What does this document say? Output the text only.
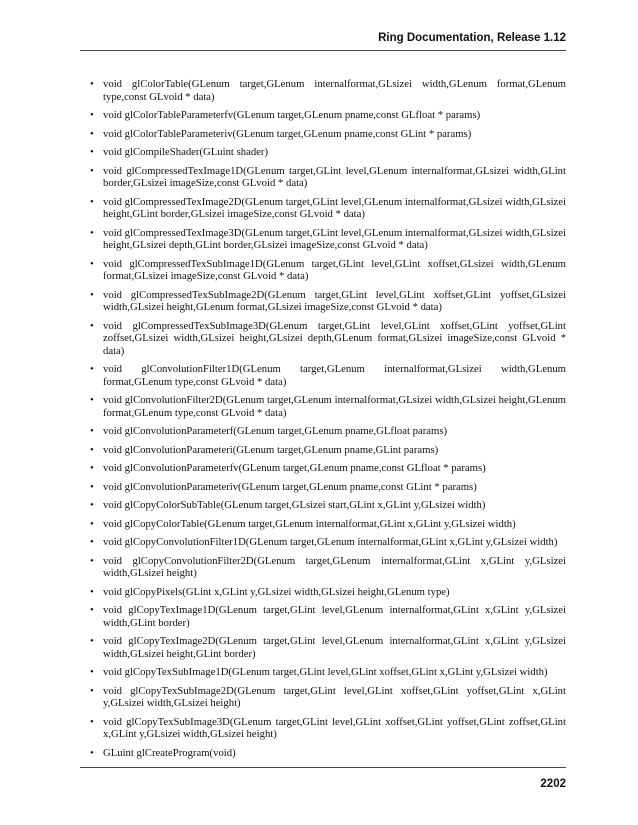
Ring Documentation, Release 1.12
• void glColorTable(GLenum target,GLenum internalformat,GLsizei width,GLenum format,GLenum type,const GLvoid * data)
• void glColorTableParameterfv(GLenum target,GLenum pname,const GLfloat * params)
• void glColorTableParameteriv(GLenum target,GLenum pname,const GLint * params)
• void glCompileShader(GLuint shader)
• void glCompressedTexImage1D(GLenum target,GLint level,GLenum internalformat,GLsizei width,GLint border,GLsizei imageSize,const GLvoid * data)
• void glCompressedTexImage2D(GLenum target,GLint level,GLenum internalformat,GLsizei width,GLsizei height,GLint border,GLsizei imageSize,const GLvoid * data)
• void glCompressedTexImage3D(GLenum target,GLint level,GLenum internalformat,GLsizei width,GLsizei height,GLsizei depth,GLint border,GLsizei imageSize,const GLvoid * data)
• void glCompressedTexSubImage1D(GLenum target,GLint level,GLint xoffset,GLsizei width,GLenum format,GLsizei imageSize,const GLvoid * data)
• void glCompressedTexSubImage2D(GLenum target,GLint level,GLint xoffset,GLint yoffset,GLsizei width,GLsizei height,GLenum format,GLsizei imageSize,const GLvoid * data)
• void glCompressedTexSubImage3D(GLenum target,GLint level,GLint xoffset,GLint yoffset,GLint zoffset,GLsizei width,GLsizei height,GLsizei depth,GLenum format,GLsizei imageSize,const GLvoid * data)
• void glConvolutionFilter1D(GLenum target,GLenum internalformat,GLsizei width,GLenum format,GLenum type,const GLvoid * data)
• void glConvolutionFilter2D(GLenum target,GLenum internalformat,GLsizei width,GLsizei height,GLenum format,GLenum type,const GLvoid * data)
• void glConvolutionParameterf(GLenum target,GLenum pname,GLfloat params)
• void glConvolutionParameteri(GLenum target,GLenum pname,GLint params)
• void glConvolutionParameterfv(GLenum target,GLenum pname,const GLfloat * params)
• void glConvolutionParameteriv(GLenum target,GLenum pname,const GLint * params)
• void glCopyColorSubTable(GLenum target,GLsizei start,GLint x,GLint y,GLsizei width)
• void glCopyColorTable(GLenum target,GLenum internalformat,GLint x,GLint y,GLsizei width)
• void glCopyConvolutionFilter1D(GLenum target,GLenum internalformat,GLint x,GLint y,GLsizei width)
• void glCopyConvolutionFilter2D(GLenum target,GLenum internalformat,GLint x,GLint y,GLsizei width,GLsizei height)
• void glCopyPixels(GLint x,GLint y,GLsizei width,GLsizei height,GLenum type)
• void glCopyTexImage1D(GLenum target,GLint level,GLenum internalformat,GLint x,GLint y,GLsizei width,GLint border)
• void glCopyTexImage2D(GLenum target,GLint level,GLenum internalformat,GLint x,GLint y,GLsizei width,GLsizei height,GLint border)
• void glCopyTexSubImage1D(GLenum target,GLint level,GLint xoffset,GLint x,GLint y,GLsizei width)
• void glCopyTexSubImage2D(GLenum target,GLint level,GLint xoffset,GLint yoffset,GLint x,GLint y,GLsizei width,GLsizei height)
• void glCopyTexSubImage3D(GLenum target,GLint level,GLint xoffset,GLint yoffset,GLint zoffset,GLint x,GLint y,GLsizei width,GLsizei height)
• GLuint glCreateProgram(void)
2202
